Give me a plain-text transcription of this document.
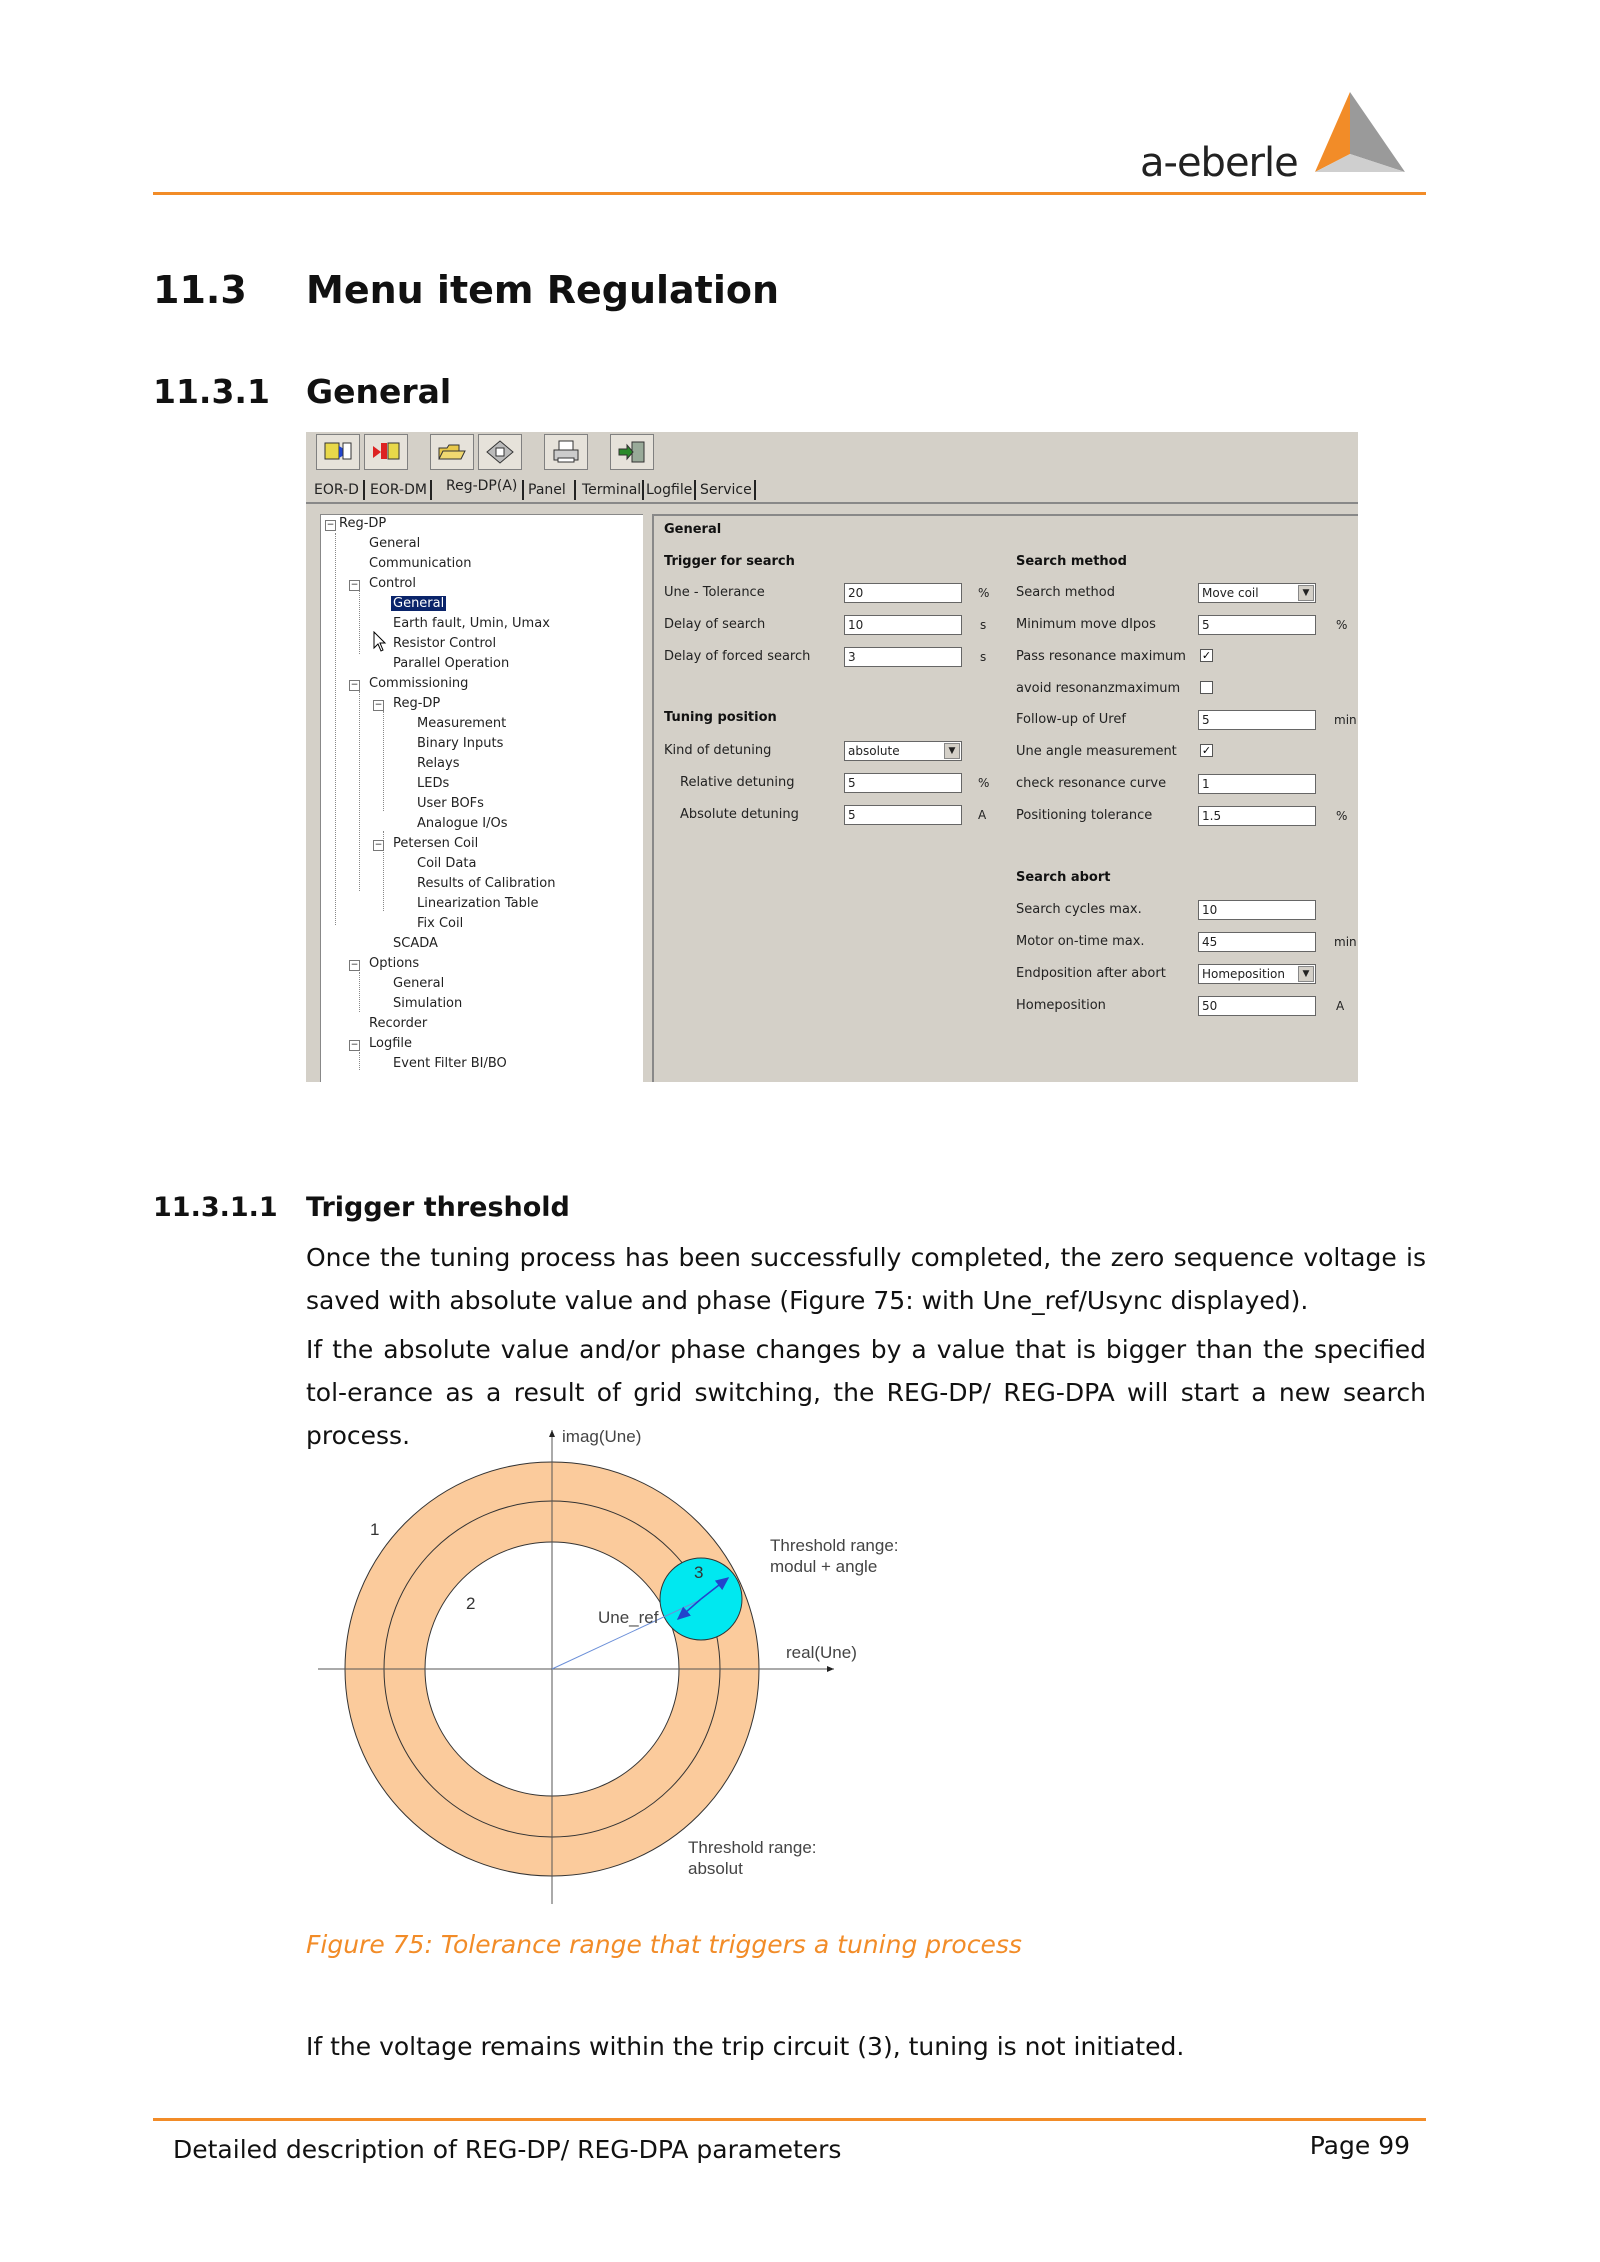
a-eberle
11.3 Menu item Regulation
11.3.1 General
EOR-D EOR-DM Reg-DP(A) Panel Terminal Logfile Service
− Reg-DP
General
Communication
− Control
General
Earth fault, Umin, Umax
Resistor Control
Parallel Operation
− Commissioning
− Reg-DP
Measurement
Binary Inputs
Relays
LEDs
User BOFs
Analogue I/Os
− Petersen Coil
Coil Data
Results of Calibration
Linearization Table
Fix Coil
SCADA
− Options
General
Simulation
Recorder
− Logfile
Event Filter BI/BO
General
Trigger for search
Une - Tolerance	20	%
Delay of search	10	s
Delay of forced search	3	s
Tuning position
Kind of detuning	absolute	▼
Relative detuning	5	%
Absolute detuning	5	A
Search method
Search method	Move coil	▼
Minimum move dIpos	5	%
Pass resonance maximum ✓
avoid resonanzmaximum
Follow-up of Uref	5	min
Une angle measurement ✓
check resonance curve	1
Positioning tolerance	1.5	%
Search abort
Search cycles max.	10
Motor on-time max.	45	min
Endposition after abort	Homeposition	▼
Homeposition	50	A
11.3.1.1 Trigger threshold
Once the tuning process has been successfully completed, the zero sequence voltage is saved with absolute value and phase (Figure 75: with Une_ref/Usync displayed).
If the absolute value and/or phase changes by a value that is bigger than the specified tol-erance as a result of grid switching, the REG-DP/ REG-DPA will start a new search process.	imag(Une)
real(Une)
Une_ref
1
2
3
Threshold range:
modul + angle
Threshold range:
absolut
Figure 75: Tolerance range that triggers a tuning process
If the voltage remains within the trip circuit (3), tuning is not initiated.
Detailed description of REG-DP/ REG-DPA parameters	Page 99
